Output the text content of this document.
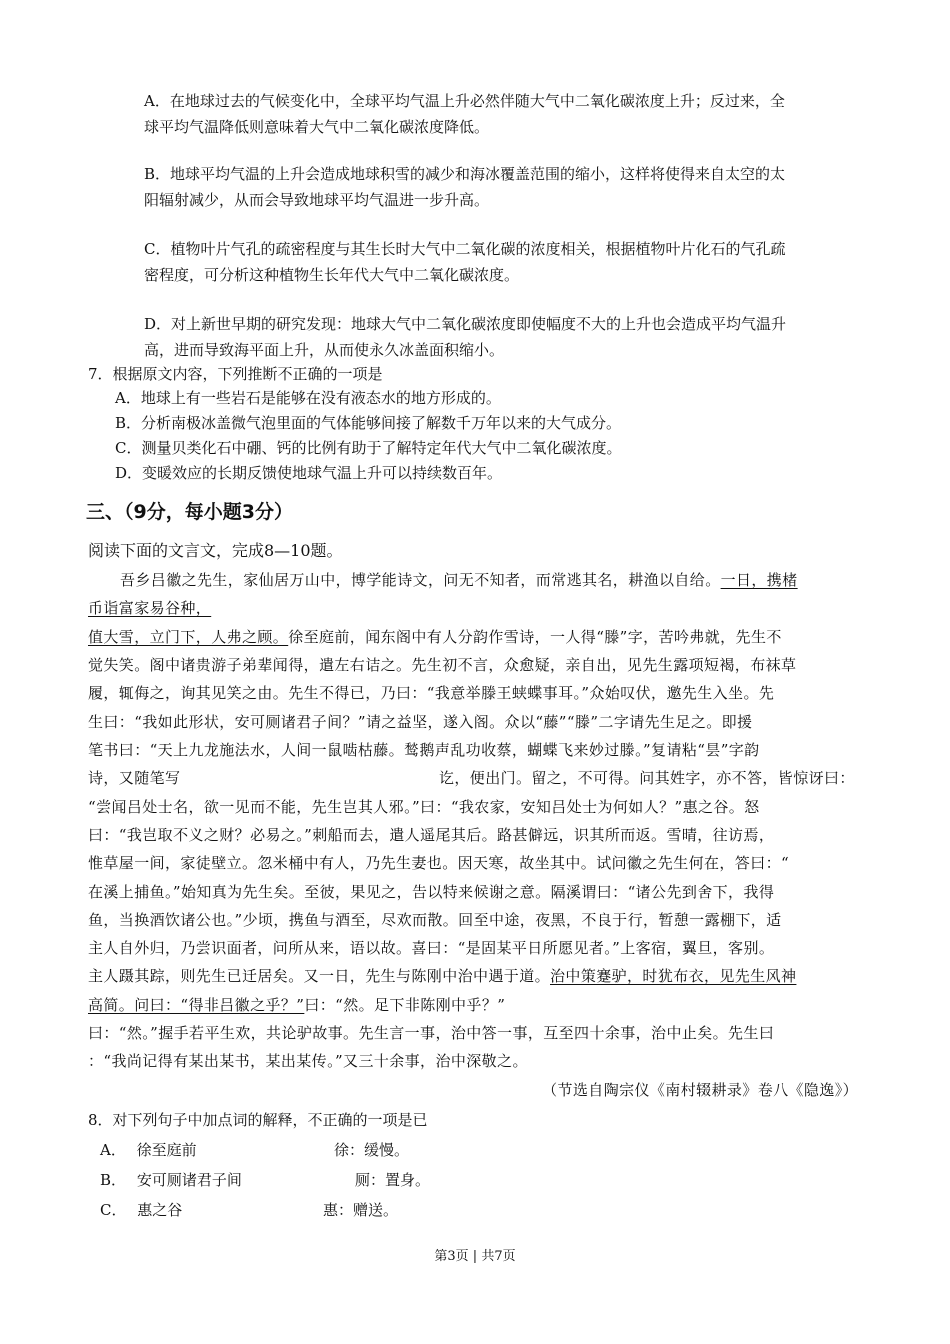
A．在地球过去的气候变化中，全球平均气温上升必然伴随大气中二氧化碳浓度上升；反过来，全
球平均气温降低则意味着大气中二氧化碳浓度降低。
B．地球平均气温的上升会造成地球积雪的减少和海冰覆盖范围的缩小，这样将使得来自太空的太
阳辐射减少，从而会导致地球平均气温进一步升高。
C．植物叶片气孔的疏密程度与其生长时大气中二氧化碳的浓度相关，根据植物叶片化石的气孔疏
密程度，可分析这种植物生长年代大气中二氧化碳浓度。
D．对上新世早期的研究发现：地球大气中二氧化碳浓度即使幅度不大的上升也会造成平均气温升
高，进而导致海平面上升，从而使永久冰盖面积缩小。
7．根据原文内容，下列推断不正确的一项是
A．地球上有一些岩石是能够在没有液态水的地方形成的。
B．分析南极冰盖微气泡里面的气体能够间接了解数千万年以来的大气成分。
C．测量贝类化石中硼、钙的比例有助于了解特定年代大气中二氧化碳浓度。
D．变暖效应的长期反馈使地球气温上升可以持续数百年。
三、（9分，每小题3分）
阅读下面的文言文，完成8—10题。
吾乡吕徽之先生，家仙居万山中，博学能诗文，问无不知者，而常逃其名，耕渔以自给。一日，携楮
币诣富家易谷种，
值大雪，立门下，人弗之顾。徐至庭前，闻东阁中有人分韵作雪诗，一人得“滕”字，苦吟弗就，先生不
觉失笑。阁中诸贵游子弟辈闻得，遣左右诘之。先生初不言，众愈疑，亲自出，见先生露项短褐，布袜草
履，辄侮之，询其见笑之由。先生不得已，乃曰：“我意举滕王蛱蝶事耳。”众始叹伏，邀先生入坐。先
生曰：“我如此形状，安可厕诸君子间？”请之益坚，遂入阁。众以“藤”“滕”二字请先生足之。即援
笔书曰：“天上九龙施法水，人间一鼠啮枯藤。鹙鹅声乱功收蔡，蝴蝶飞来妙过滕。”复请粘“昙”字韵
诗，又随笔写	讫，便出门。留之，不可得。问其姓字，亦不答，皆惊讶曰：
“尝闻吕处士名，欲一见而不能，先生岂其人邪。”曰：“我农家，安知吕处士为何如人？”惠之谷。怒
曰：“我岂取不义之财？必易之。”刺船而去，遣人遥尾其后。路甚僻远，识其所而返。雪晴，往访焉，
惟草屋一间，家徒壁立。忽米桶中有人，乃先生妻也。因天寒，故坐其中。试问徽之先生何在，答曰：“
在溪上捕鱼。”始知真为先生矣。至彼，果见之，告以特来候谢之意。隔溪谓曰：“诸公先到舍下，我得
鱼，当换酒饮诸公也。”少顷，携鱼与酒至，尽欢而散。回至中途，夜黑，不良于行，暂憩一露棚下，适
主人自外归，乃尝识面者，问所从来，语以故。喜曰：“是固某平日所愿见者。”上客宿，翼旦，客别。
主人蹑其踪，则先生已迁居矣。又一日，先生与陈刚中治中遇于道。治中策蹇驴，时犹布衣，见先生风神
高简。问曰：“得非吕徽之乎？”曰：“然。足下非陈刚中乎？”
曰：“然。”握手若平生欢，共论驴故事。先生言一事，治中答一事，互至四十余事，治中止矣。先生曰
：“我尚记得有某出某书，某出某传。”又三十余事，治中深敬之。
（节选自陶宗仪《南村辍耕录》卷八《隐逸》）
8．对下列句子中加点词的解释，不正确的一项是已
A． 徐至庭前	徐：缓慢。
B． 安可厕诸君子间	厕：置身。
C． 惠之谷	惠：赠送。
第3页 | 共7页
